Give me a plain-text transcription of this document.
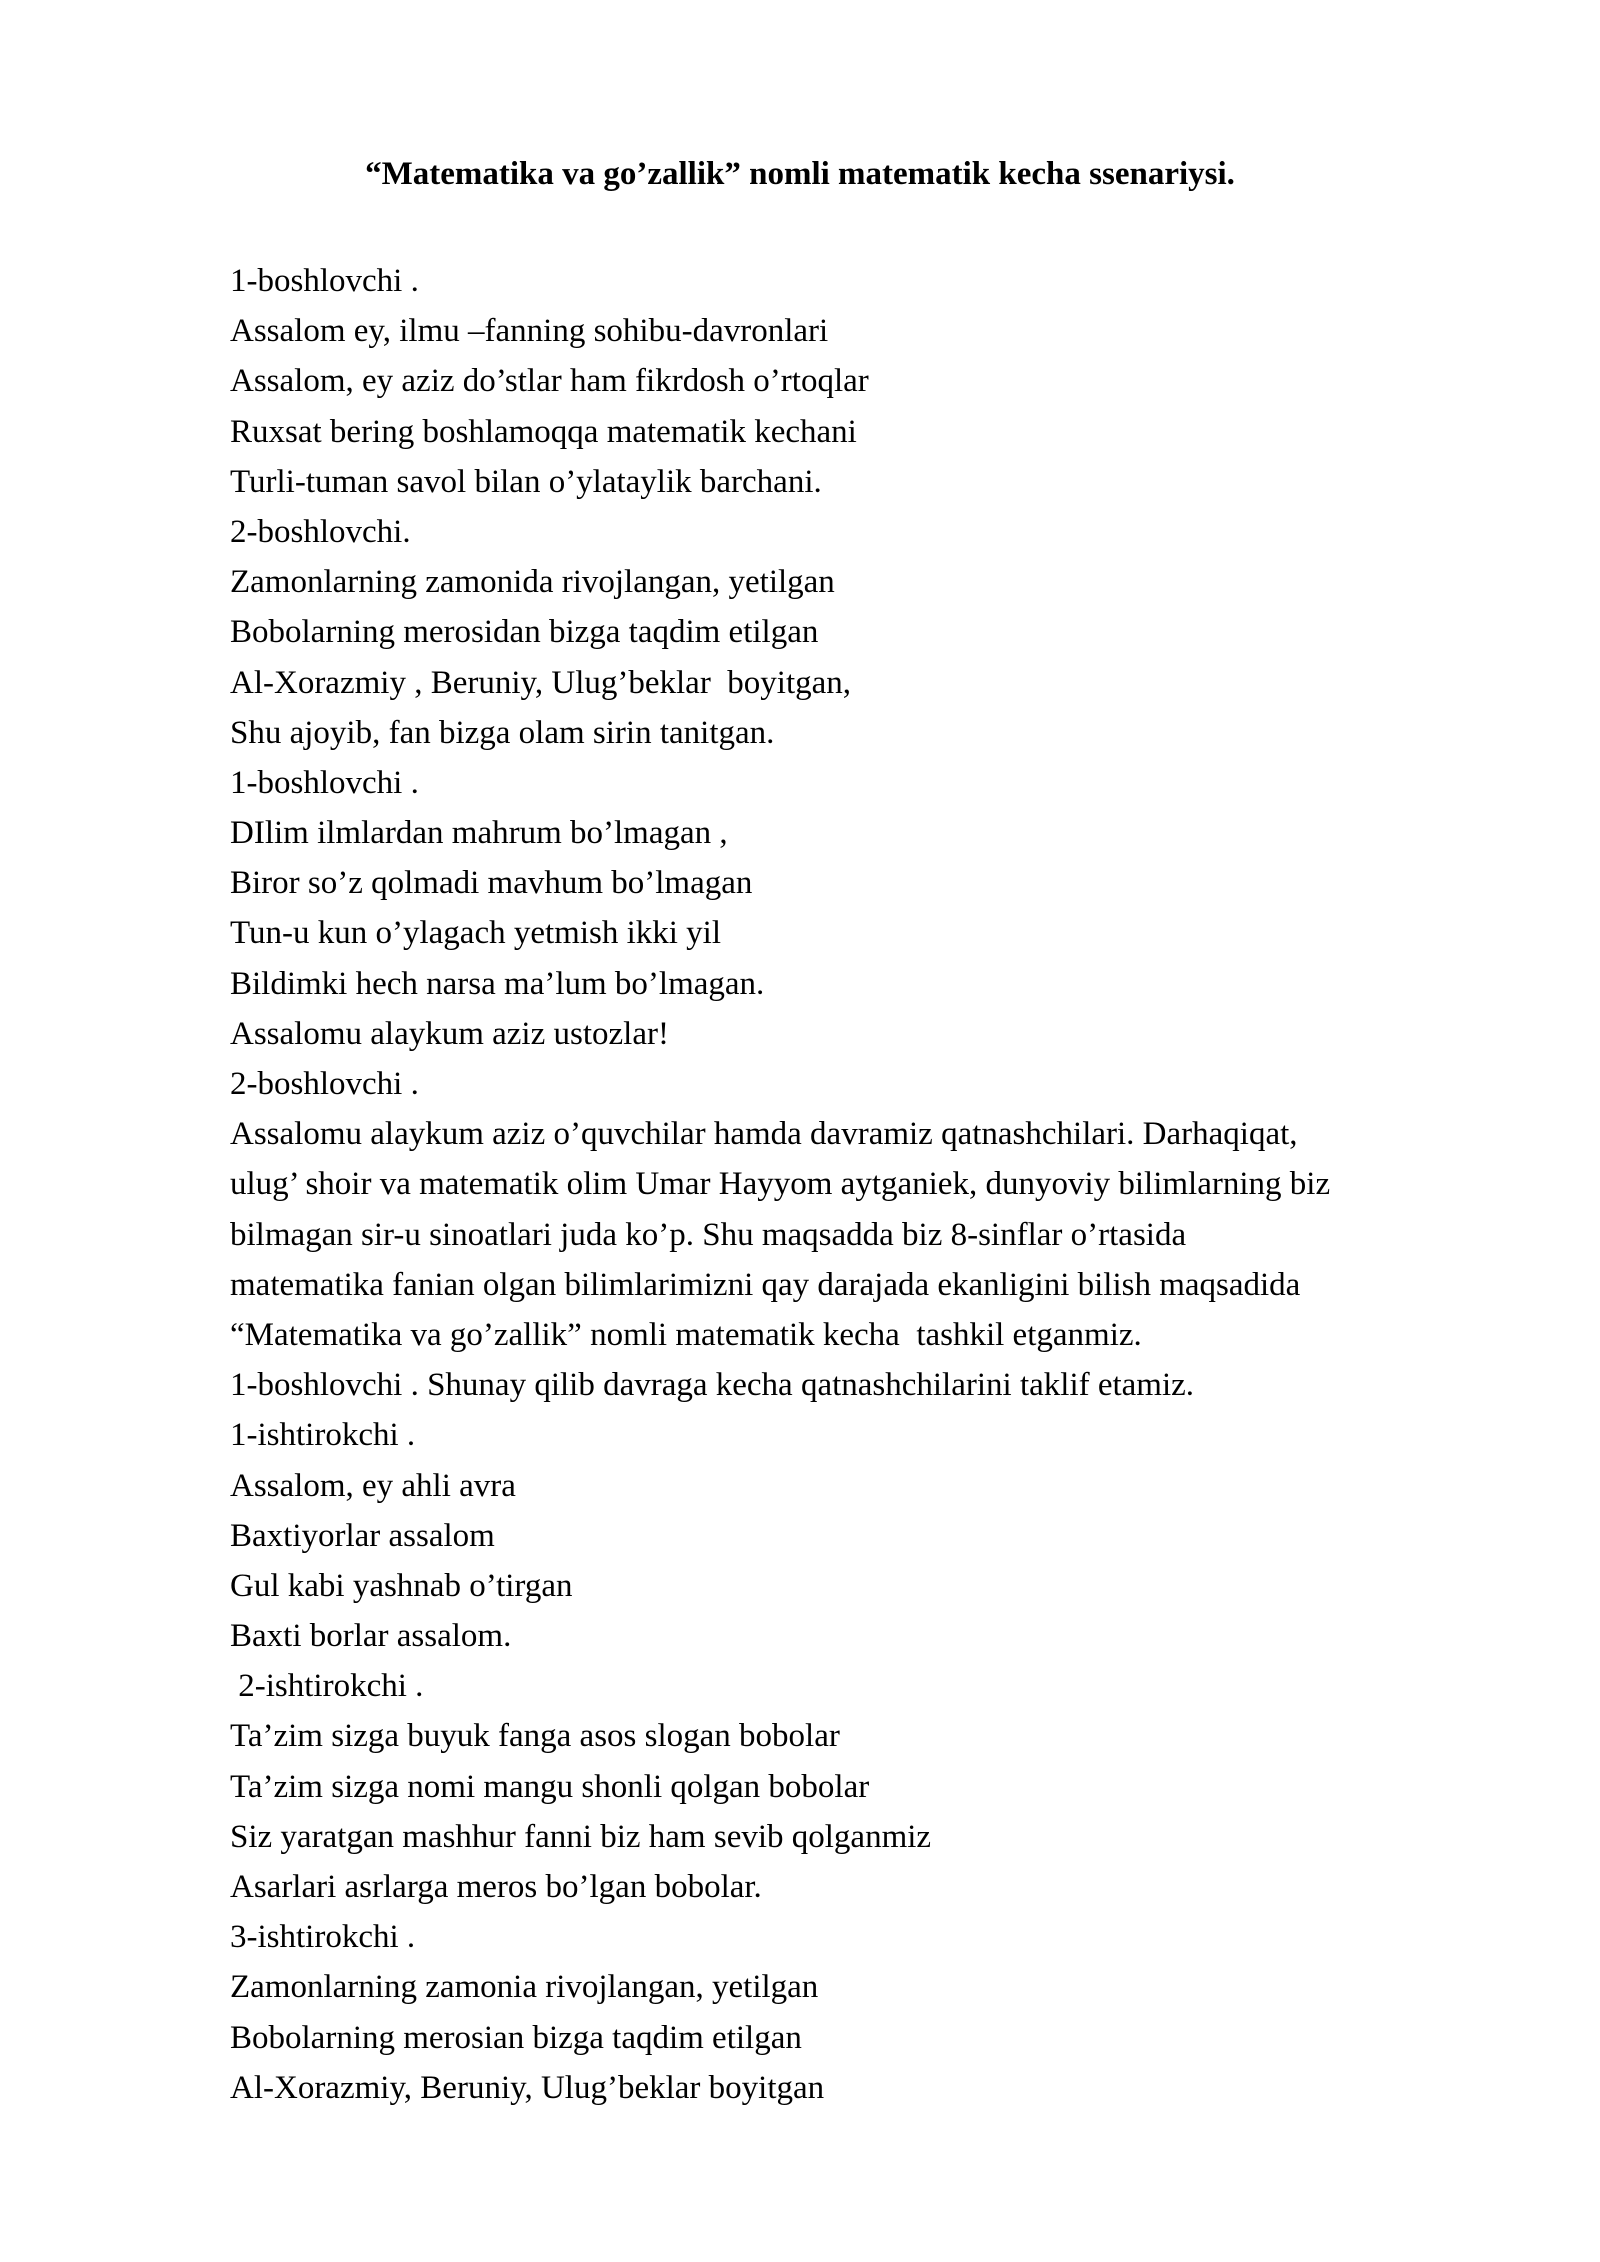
“Matematika va go’zallik” nomli matematik kecha ssenariysi.
1-boshlovchi .
Assalom ey, ilmu –fanning sohibu-davronlari
Assalom, ey aziz do’stlar ham fikrdosh o’rtoqlar
Ruxsat bering boshlamoqqa matematik kechani
Turli-tuman savol bilan o’ylataylik barchani.
2-boshlovchi.
Zamonlarning zamonida rivojlangan, yetilgan
Bobolarning merosidan bizga taqdim etilgan
Al-Xorazmiy , Beruniy, Ulug’beklar  boyitgan,
Shu ajoyib, fan bizga olam sirin tanitgan.
1-boshlovchi .
DIlim ilmlardan mahrum bo’lmagan ,
Biror so’z qolmadi mavhum bo’lmagan
Tun-u kun o’ylagach yetmish ikki yil
Bildimki hech narsa ma’lum bo’lmagan.
Assalomu alaykum aziz ustozlar!
2-boshlovchi .
Assalomu alaykum aziz o’quvchilar hamda davramiz qatnashchilari. Darhaqiqat,
ulug’ shoir va matematik olim Umar Hayyom aytganiek, dunyoviy bilimlarning biz
bilmagan sir-u sinoatlari juda ko’p. Shu maqsadda biz 8-sinflar o’rtasida
matematika fanian olgan bilimlarimizni qay darajada ekanligini bilish maqsadida
“Matematika va go’zallik” nomli matematik kecha  tashkil etganmiz.
1-boshlovchi . Shunay qilib davraga kecha qatnashchilarini taklif etamiz.
1-ishtirokchi .
Assalom, ey ahli avra
Baxtiyorlar assalom
Gul kabi yashnab o’tirgan
Baxti borlar assalom.
2-ishtirokchi .
Ta’zim sizga buyuk fanga asos slogan bobolar
Ta’zim sizga nomi mangu shonli qolgan bobolar
Siz yaratgan mashhur fanni biz ham sevib qolganmiz
Asarlari asrlarga meros bo’lgan bobolar.
3-ishtirokchi .
Zamonlarning zamonia rivojlangan, yetilgan
Bobolarning merosian bizga taqdim etilgan
Al-Xorazmiy, Beruniy, Ulug’beklar boyitgan
